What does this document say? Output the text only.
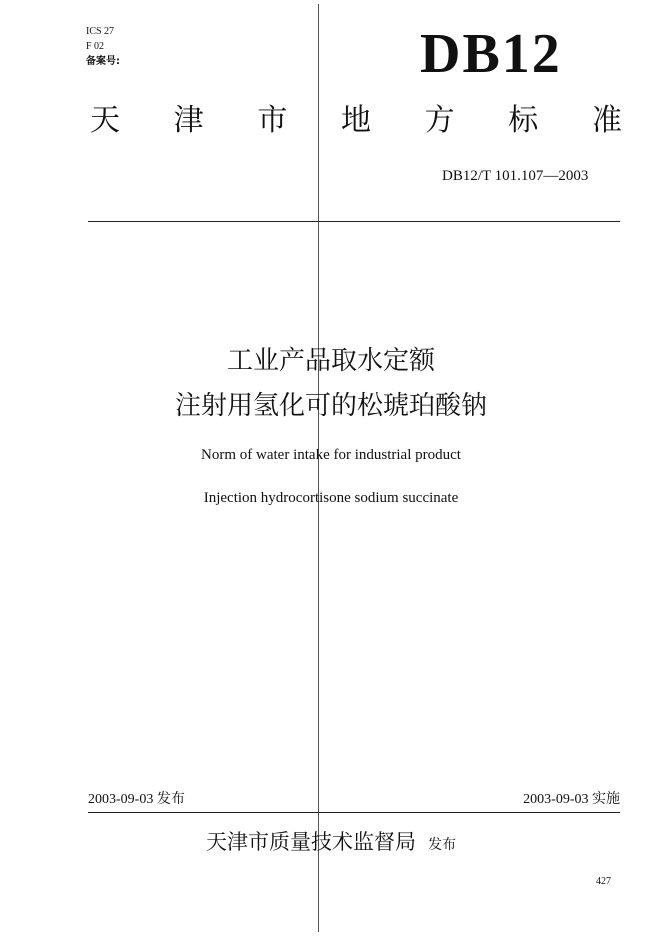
ICS 27
F 02
备案号:	DB12
天 津 市 地 方 标 准
DB12/T 101.107—2003
工业产品取水定额
注射用氢化可的松琥珀酸钠
Norm of water intake for industrial product
Injection hydrocortisone sodium succinate
2003-09-03 发布	2003-09-03 实施
天津市质量技术监督局 发布
427
